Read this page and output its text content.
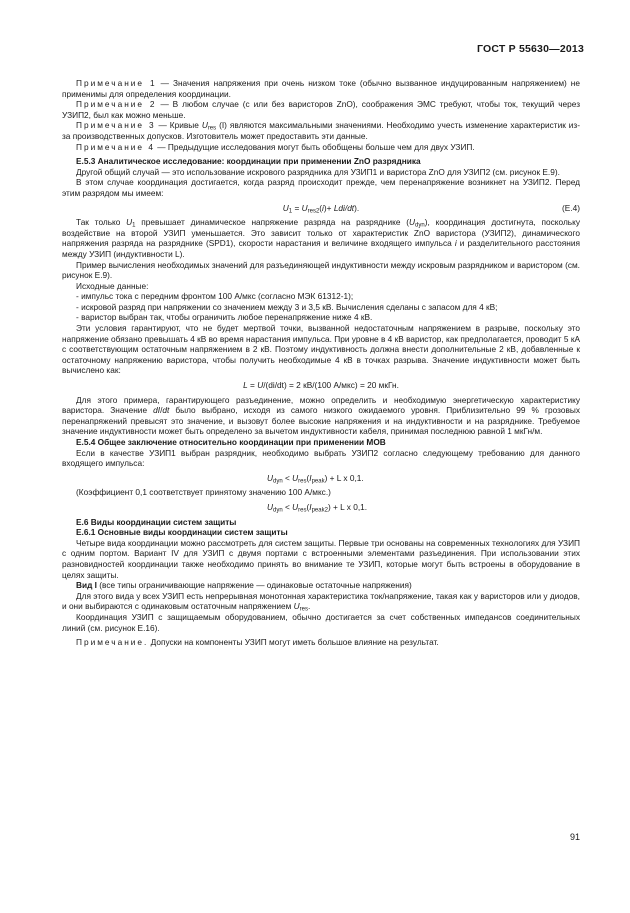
ГОСТ Р 55630—2013

Примечание 1 — Значения напряжения при очень низком токе (обычно вызванное индуцированным напряжением) не применимы для определения координации.

Примечание 2 — В любом случае (с или без варисторов ZnO), соображения ЭМС требуют, чтобы ток, текущий через УЗИП2, был как можно меньше.

Примечание 3 — Кривые $U_{res}$ (I) являются максимальными значениями. Необходимо учесть изменение характеристик из-за производственных допусков. Изготовитель может предоставить эти данные.

Примечание 4 — Предыдущие исследования могут быть обобщены больше чем для двух УЗИП.

Е.5.3 Аналитическое исследование: координации при применении ZnO разрядника

Другой общий случай — это использование искрового разрядника для УЗИП1 и варистора ZnO для УЗИП2 (см. рисунок Е.9).

В этом случае координация достигается, когда разряд происходит прежде, чем перенапряжение возникнет на УЗИП2. Перед этим разрядом мы имеем:

$U_1 = U_{res2}(i)+ Ldi/dt$).	(Е.4)

Так только $U_1$ превышает динамическое напряжение разряда на разряднике $(U_{dyn})$, координация достигнута, поскольку воздействие на второй УЗИП уменьшается. Это зависит только от характеристик ZnO варистора (УЗИП2), динамического напряжения разряда на разряднике (SPD1), скорости нарастания и величине входящего импульса i и разделительного расстояния между УЗИП (индуктивности L).

Пример вычисления необходимых значений для разъединяющей индуктивности между искровым разрядником и варистором (см. рисунок Е.9).

Исходные данные:

- импульс тока с передним фронтом 100 А/мкс (согласно МЭК 61312-1);

- искровой разряд при напряжении со значением между 3 и 3,5 кВ. Вычисления сделаны с запасом для 4 кВ;

- варистор выбран так, чтобы ограничить любое перенапряжение ниже 4 кВ.

Эти условия гарантируют, что не будет мертвой точки, вызванной недостаточным напряжением в разрыве, поскольку это напряжение обязано превышать 4 кВ во время нарастания импульса. При уровне в 4 кВ варистор, как предполагается, проводит 5 кА с соответствующим остаточным напряжением в 2 кВ. Поэтому индуктивность должна внести дополнительные 2 кВ, добавленные к остаточному напряжению варистора, чтобы получить необходимые 4 кВ в точках разрыва. Значение индуктивности может быть вычислено как:

L = U/(di/dt) = 2 кВ/(100 А/мкс) = 20 мкГн.

Для этого примера, гарантирующего разъединение, можно определить и необходимую энергетическую характеристику варистора. Значение dI/dt было выбрано, исходя из самого низкого ожидаемого уровня. Приблизительно 99 % грозовых перенапряжений превысят это значение, и вызовут более высокие напряжения и на индуктивности и на разряднике. Требуемое значение индуктивности может быть определено за вычетом индуктивности кабеля, принимая последнюю равной 1 мкГн/м.

Е.5.4 Общее заключение относительно координации при применении МОВ

Если в качестве УЗИП1 выбран разрядник, необходимо выбрать УЗИП2 согласно следующему требованию для данного входящего импульса:

$U_{dyn} < U_{res}(I_{peak}) + L$ x 0,1.

(Коэффициент 0,1 соответствует принятому значению 100 А/мкс.)

$U_{dyn} < U_{res}(I_{peak2}) + L$ x 0,1.

Е.6 Виды координации систем защиты

Е.6.1 Основные виды координации систем защиты

Четыре вида координации можно рассмотреть для систем защиты. Первые три основаны на современных технологиях для УЗИП с одним портом. Вариант IV для УЗИП с двумя портами с встроенными элементами разъединения. При использовании этих разновидностей координации также необходимо принять во внимание те УЗИП, которые могут быть встроены в оборудование в целях защиты.

Вид I (все типы ограничивающие напряжение — одинаковые остаточные напряжения)

Для этого вида у всех УЗИП есть непрерывная монотонная характеристика ток/напряжение, такая как у варисторов или у диодов, и они выбираются с одинаковым остаточным напряжением $U_{res}$.

Координация УЗИП с защищаемым оборудованием, обычно достигается за счет собственных импедансов соединительных линий (см. рисунок Е.16).

Примечание. Допуски на компоненты УЗИП могут иметь большое влияние на результат.

91
